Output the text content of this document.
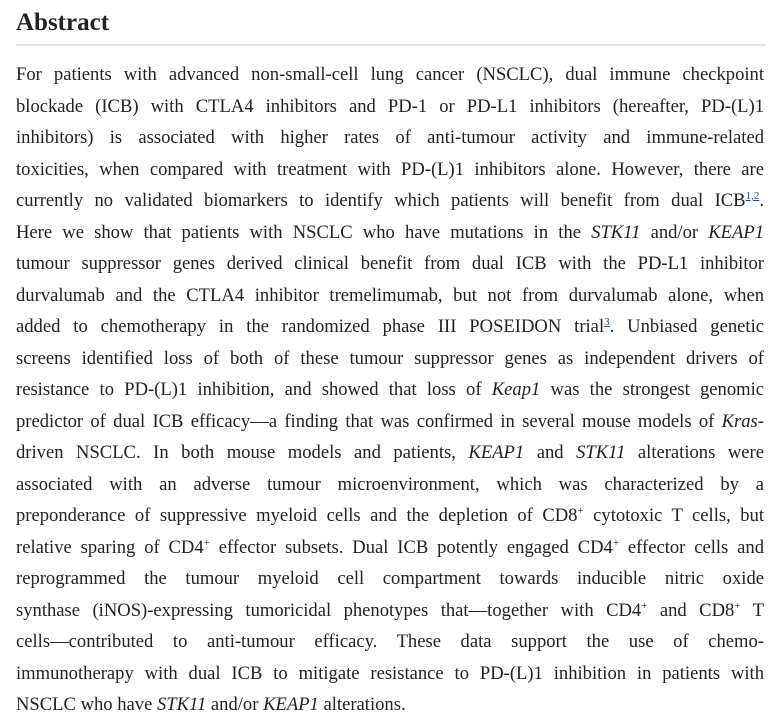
Abstract
For patients with advanced non-small-cell lung cancer (NSCLC), dual immune checkpoint
blockade (ICB) with CTLA4 inhibitors and PD-1 or PD-L1 inhibitors (hereafter, PD-(L)1
inhibitors) is associated with higher rates of anti-tumour activity and immune-related
toxicities, when compared with treatment with PD-(L)1 inhibitors alone. However, there are
currently no validated biomarkers to identify which patients will benefit from dual ICB$^{1,2}$.
Here we show that patients with NSCLC who have mutations in the STK11 and/or KEAP1
tumour suppressor genes derived clinical benefit from dual ICB with the PD-L1 inhibitor
durvalumab and the CTLA4 inhibitor tremelimumab, but not from durvalumab alone, when
added to chemotherapy in the randomized phase III POSEIDON trial$^3$. Unbiased genetic
screens identified loss of both of these tumour suppressor genes as independent drivers of
resistance to PD-(L)1 inhibition, and showed that loss of Keap1 was the strongest genomic
predictor of dual ICB efficacy—a finding that was confirmed in several mouse models of Kras-
driven NSCLC. In both mouse models and patients, KEAP1 and STK11 alterations were
associated with an adverse tumour microenvironment, which was characterized by a
preponderance of suppressive myeloid cells and the depletion of CD8+ cytotoxic T cells, but
relative sparing of CD4+ effector subsets. Dual ICB potently engaged CD4+ effector cells and
reprogrammed the tumour myeloid cell compartment towards inducible nitric oxide
synthase (iNOS)-expressing tumoricidal phenotypes that—together with CD4+ and CD8+ T
cells—contributed to anti-tumour efficacy. These data support the use of chemo-
immunotherapy with dual ICB to mitigate resistance to PD-(L)1 inhibition in patients with
NSCLC who have STK11 and/or KEAP1 alterations.
